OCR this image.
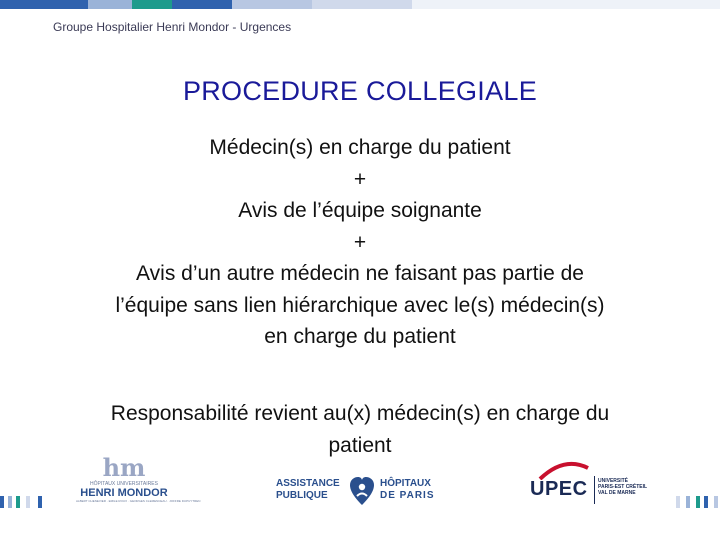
Groupe Hospitalier Henri Mondor - Urgences
PROCEDURE COLLEGIALE
Médecin(s) en charge du patient
+
Avis de l’équipe soignante
+
Avis d’un autre médecin ne faisant pas partie de
l’équipe sans lien hiérarchique avec le(s) médecin(s)
en charge du patient
Responsabilité revient au(x) médecin(s) en charge du
patient
hm
HÔPITAUX UNIVERSITAIRES
HENRI MONDOR
ALBERT CHENEVIER · EMILE ROUX · GEORGES CLEMENCEAU · JOFFRE DUPUYTREN
ASSISTANCE
PUBLIQUE
HÔPITAUX
DE PARIS	UPEC UNIVERSITÉ
PARIS-EST CRÉTEIL
VAL DE MARNE
